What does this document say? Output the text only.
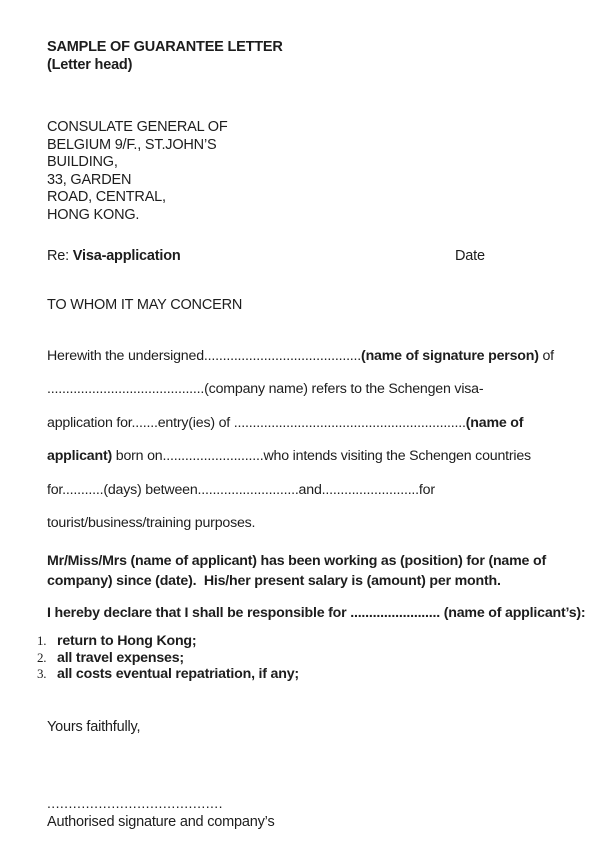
SAMPLE OF GUARANTEE LETTER
(Letter head)
CONSULATE GENERAL OF
BELGIUM 9/F., ST.JOHN’S
BUILDING,
33, GARDEN
ROAD, CENTRAL,
HONG KONG.
Re: Visa-application	Date
TO WHOM IT MAY CONCERN
Herewith the undersigned..........................................(name of signature person) of
..........................................(company name) refers to the Schengen visa-
application for.......entry(ies) of ..............................................................(name of
applicant) born on...........................who intends visiting the Schengen countries
for...........(days) between...........................and..........................for
tourist/business/training purposes.
Mr/Miss/Mrs (name of applicant) has been working as (position) for (name of
company) since (date).  His/her present salary is (amount) per month.
I hereby declare that I shall be responsible for ........................ (name of applicant’s):
1. return to Hong Kong;
2. all travel expenses;
3. all costs eventual repatriation, if any;
Yours faithfully,
.........................................
Authorised signature and company’s
